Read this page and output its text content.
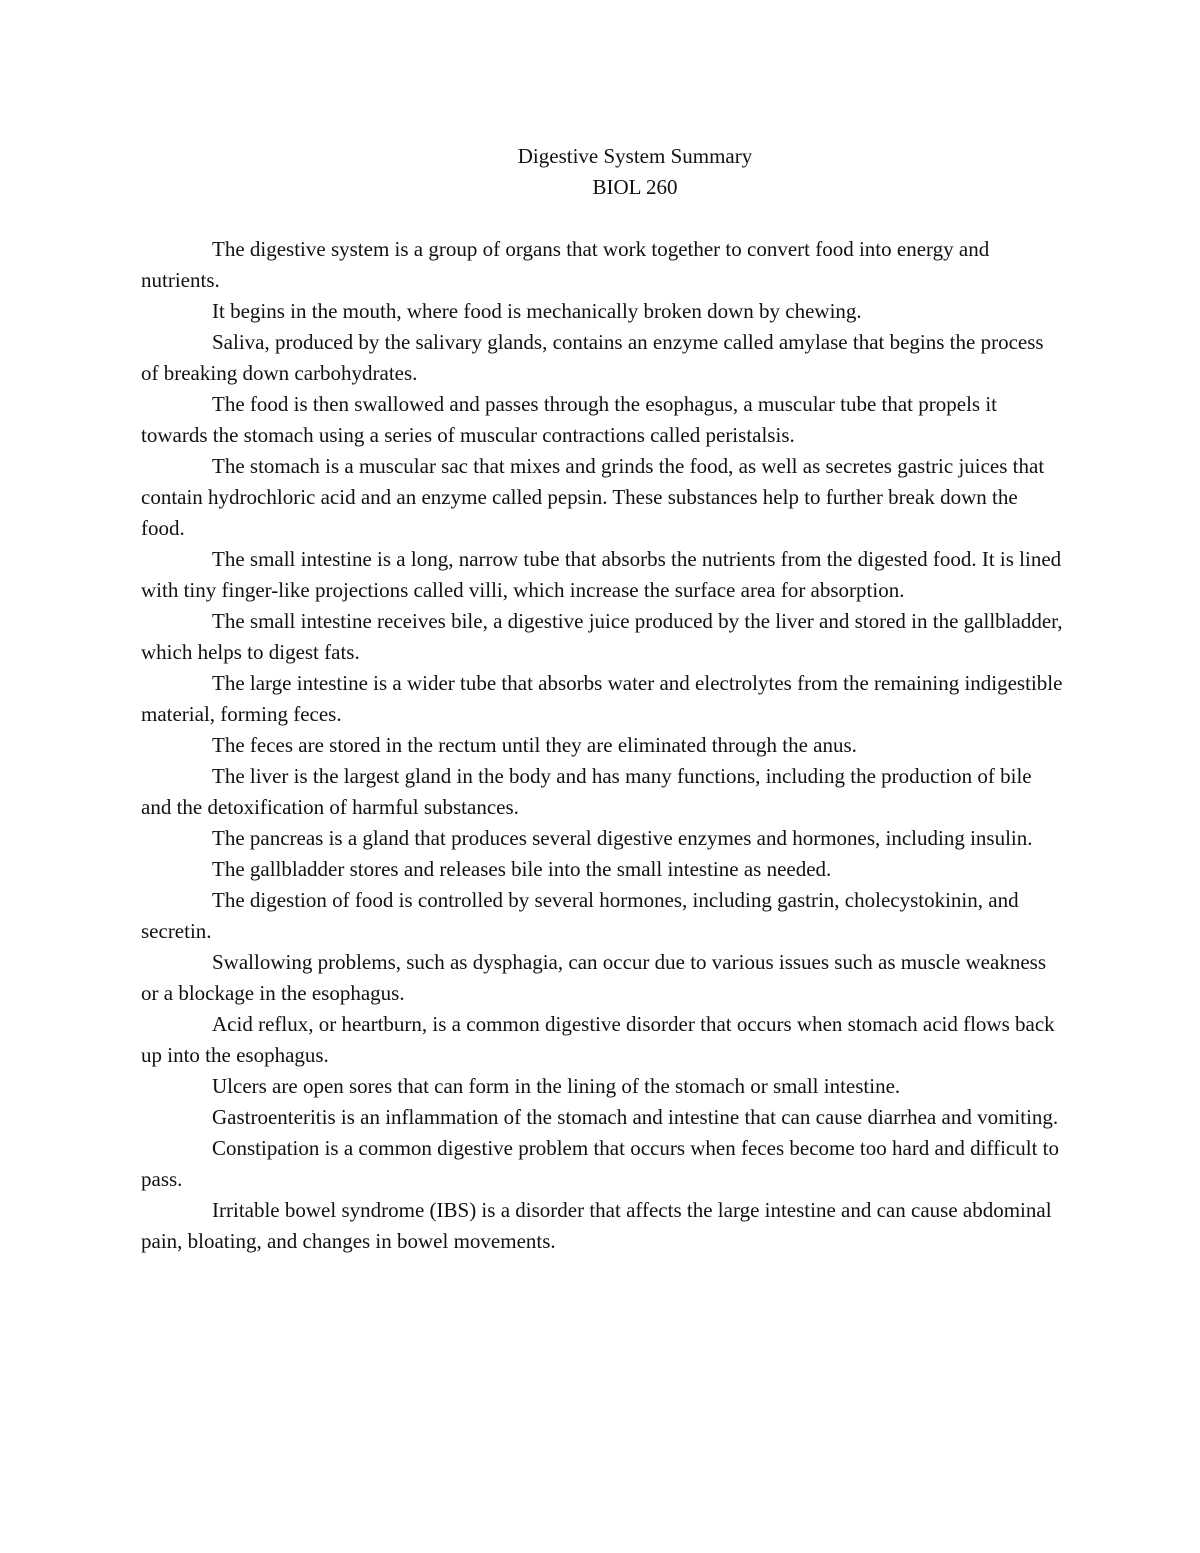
Digestive System Summary
BIOL 260

The digestive system is a group of organs that work together to convert food into energy and nutrients.

It begins in the mouth, where food is mechanically broken down by chewing.

Saliva, produced by the salivary glands, contains an enzyme called amylase that begins the process of breaking down carbohydrates.

The food is then swallowed and passes through the esophagus, a muscular tube that propels it towards the stomach using a series of muscular contractions called peristalsis.

The stomach is a muscular sac that mixes and grinds the food, as well as secretes gastric juices that contain hydrochloric acid and an enzyme called pepsin. These substances help to further break down the food.

The small intestine is a long, narrow tube that absorbs the nutrients from the digested food. It is lined with tiny finger-like projections called villi, which increase the surface area for absorption.

The small intestine receives bile, a digestive juice produced by the liver and stored in the gallbladder, which helps to digest fats.

The large intestine is a wider tube that absorbs water and electrolytes from the remaining indigestible material, forming feces.

The feces are stored in the rectum until they are eliminated through the anus.

The liver is the largest gland in the body and has many functions, including the production of bile and the detoxification of harmful substances.

The pancreas is a gland that produces several digestive enzymes and hormones, including insulin.

The gallbladder stores and releases bile into the small intestine as needed.

The digestion of food is controlled by several hormones, including gastrin, cholecystokinin, and secretin.

Swallowing problems, such as dysphagia, can occur due to various issues such as muscle weakness or a blockage in the esophagus.

Acid reflux, or heartburn, is a common digestive disorder that occurs when stomach acid flows back up into the esophagus.

Ulcers are open sores that can form in the lining of the stomach or small intestine.

Gastroenteritis is an inflammation of the stomach and intestine that can cause diarrhea and vomiting.

Constipation is a common digestive problem that occurs when feces become too hard and difficult to pass.

Irritable bowel syndrome (IBS) is a disorder that affects the large intestine and can cause abdominal pain, bloating, and changes in bowel movements.
